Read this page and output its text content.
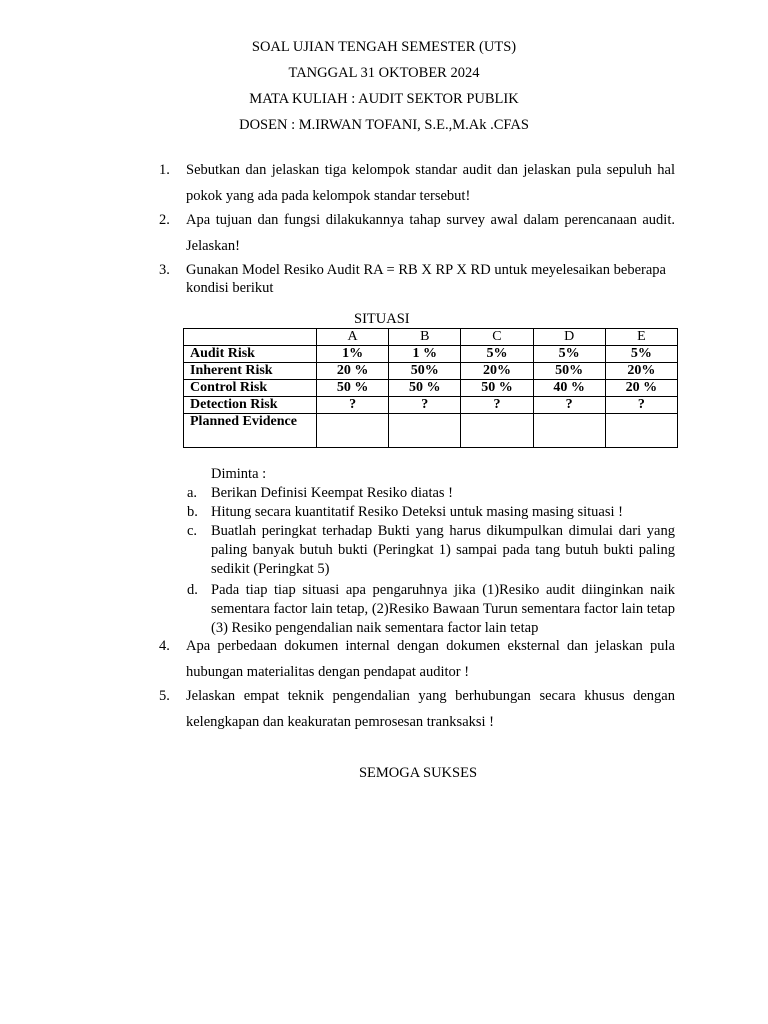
SOAL UJIAN TENGAH SEMESTER (UTS)
TANGGAL 31 OKTOBER 2024
MATA KULIAH : AUDIT SEKTOR PUBLIK
DOSEN : M.IRWAN TOFANI, S.E.,M.Ak .CFAS
1. Sebutkan dan jelaskan tiga kelompok standar audit dan jelaskan pula sepuluh hal pokok yang ada pada kelompok standar tersebut!
2. Apa tujuan dan fungsi dilakukannya tahap survey awal dalam perencanaan audit. Jelaskan!
3. Gunakan Model Resiko Audit RA = RB X RP X RD untuk meyelesaikan beberapa kondisi berikut
SITUASI
	A	B	C	D	E
Audit Risk	1%	1 %	5%	5%	5%
Inherent Risk	20 %	50%	20%	50%	20%
Control Risk	50 %	50 %	50 %	40 %	20 %
Detection Risk	?	?	?	?	?
Planned Evidence					
Diminta :
a. Berikan Definisi Keempat Resiko diatas !
b. Hitung secara kuantitatif Resiko Deteksi untuk masing masing situasi !
c. Buatlah peringkat terhadap Bukti yang harus dikumpulkan dimulai dari yang paling banyak butuh bukti (Peringkat 1) sampai pada tang butuh bukti paling sedikit (Peringkat 5)
d. Pada tiap tiap situasi apa pengaruhnya jika (1)Resiko audit diinginkan naik sementara factor lain tetap, (2)Resiko Bawaan Turun sementara factor lain tetap (3) Resiko pengendalian naik sementara factor lain tetap
4. Apa perbedaan dokumen internal dengan dokumen eksternal dan jelaskan pula hubungan materialitas dengan pendapat auditor !
5. Jelaskan empat teknik pengendalian yang berhubungan secara khusus dengan kelengkapan dan keakuratan pemrosesan tranksaksi !
SEMOGA SUKSES
